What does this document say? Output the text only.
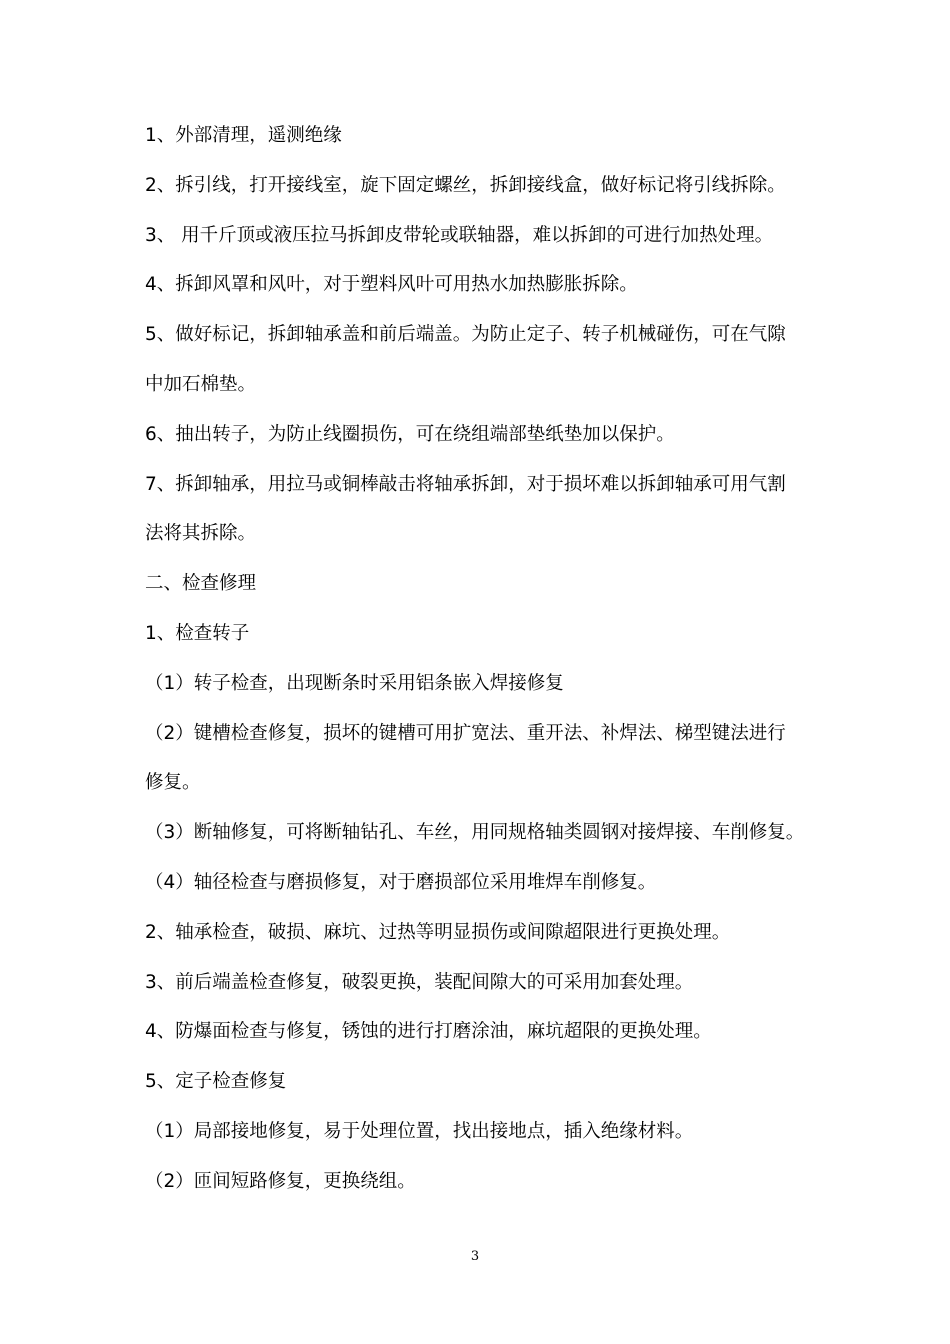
1、外部清理，遥测绝缘
2、拆引线，打开接线室，旋下固定螺丝，拆卸接线盒，做好标记将引线拆除。
3、 用千斤顶或液压拉马拆卸皮带轮或联轴器，难以拆卸的可进行加热处理。
4、拆卸风罩和风叶，对于塑料风叶可用热水加热膨胀拆除。
5、做好标记，拆卸轴承盖和前后端盖。为防止定子、转子机械碰伤，可在气隙
中加石棉垫。
6、抽出转子，为防止线圈损伤，可在绕组端部垫纸垫加以保护。
7、拆卸轴承，用拉马或铜棒敲击将轴承拆卸，对于损坏难以拆卸轴承可用气割
法将其拆除。
二、检查修理
1、检查转子
（1）转子检查，出现断条时采用铝条嵌入焊接修复
（2）键槽检查修复，损坏的键槽可用扩宽法、重开法、补焊法、梯型键法进行
修复。
（3）断轴修复，可将断轴钻孔、车丝，用同规格轴类圆钢对接焊接、车削修复。
（4）轴径检查与磨损修复，对于磨损部位采用堆焊车削修复。
2、轴承检查，破损、麻坑、过热等明显损伤或间隙超限进行更换处理。
3、前后端盖检查修复，破裂更换，装配间隙大的可采用加套处理。
4、防爆面检查与修复，锈蚀的进行打磨涂油，麻坑超限的更换处理。
5、定子检查修复
（1）局部接地修复，易于处理位置，找出接地点，插入绝缘材料。
（2）匝间短路修复，更换绕组。
3
